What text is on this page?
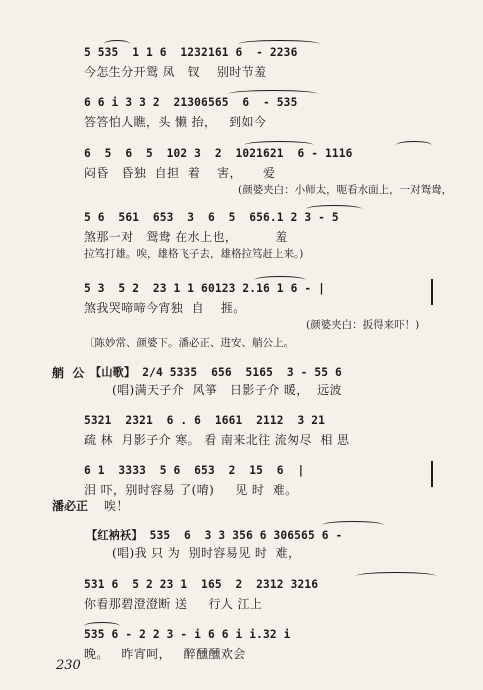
5 535  1 1 6  1232161 6  - 2236
今怎生分开鸳 凤   钗    别时节羞
6 6 i 3 3 2  21306565  6  - 535
答答怕人瞧，头 懒 抬，   到如今
6  5  6  5  102 3  2  1021621  6 - 1116
闷昏   昏独  自担  着    害，     爱
(颜婆夹白：小师太，呃看水面上，一对鸳鸯，
5 6  561  653  3  6  5  656.1 2 3 - 5
煞那一对   鸳鸯 在水上也，         羞
拉笃打雄。唉，雄格飞子去，雄格拉笃赶上来。)
5 3  5 2  23 1 1 60123 2.16 1 6 - |
煞我哭啼啼今宵独  自    捱。
(颜婆夹白：扳得来吓！)
〔陈妙常、颜婆下。潘必正、进安、艄公上。
艄  公 【山歌】 2/4 5335  656  5165  3 - 55 6
(唱)满天子介  风箏   日影子介 暖，  远波
5321  2321  6 . 6  1661  2112  3 21
疏 林  月影子介 寒。 看 南来北往 流匆尽  相 思
6 1  3333  5 6  653  2  15  6  |
泪 吓，别时容易 了(唷)     见 时  难。
潘必正 唉！
【红衲袄】 535  6  3 3 356 6 306565 6 -
(唱)我 只 为  别时容易见 时  难，
531 6  5 2 23 1  165  2  2312 3216
你看那碧澄澄断 送     行人 江上
535 6 - 2 2 3 - i 6 6 i i.32 i
晚。   昨宵呵，   醉醺醺欢会
230
